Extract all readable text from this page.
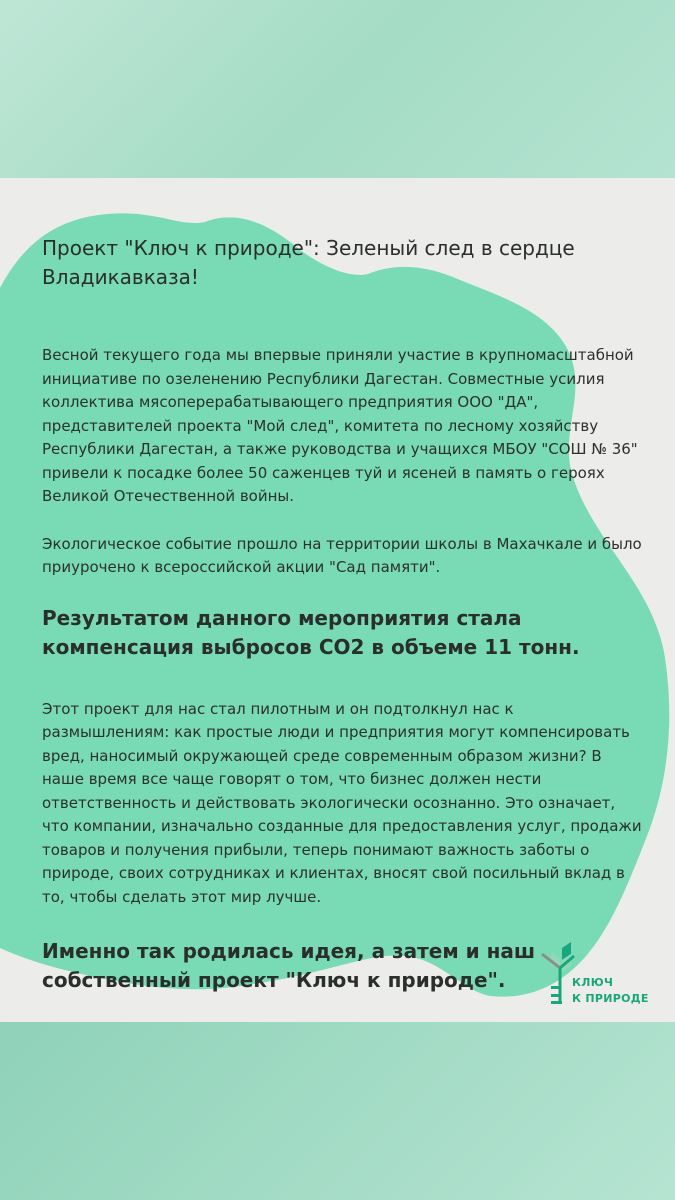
Проект "Ключ к природе": Зеленый след в сердце Владикавказа!

Весной текущего года мы впервые приняли участие в крупномасштабной инициативе по озеленению Республики Дагестан. Совместные усилия коллектива мясоперерабатывающего предприятия ООО "ДА", представителей проекта "Мой след", комитета по лесному хозяйству Республики Дагестан, а также руководства и учащихся МБОУ "СОШ № 36" привели к посадке более 50 саженцев туй и ясеней в память о героях Великой Отечественной войны.

Экологическое событие прошло на территории школы в Махачкале и было приурочено к всероссийской акции "Сад памяти".

Результатом данного мероприятия стала компенсация выбросов CO2 в объеме 11 тонн.

Этот проект для нас стал пилотным и он подтолкнул нас к размышлениям: как простые люди и предприятия могут компенсировать вред, наносимый окружающей среде современным образом жизни? В наше время все чаще говорят о том, что бизнес должен нести ответственность и действовать экологически осознанно. Это означает, что компании, изначально созданные для предоставления услуг, продажи товаров и получения прибыли, теперь понимают важность заботы о природе, своих сотрудниках и клиентах, вносят свой посильный вклад в то, чтобы сделать этот мир лучше.

Именно так родилась идея, а затем и наш собственный проект "Ключ к природе".	КЛЮЧ
К ПРИРОДЕ
